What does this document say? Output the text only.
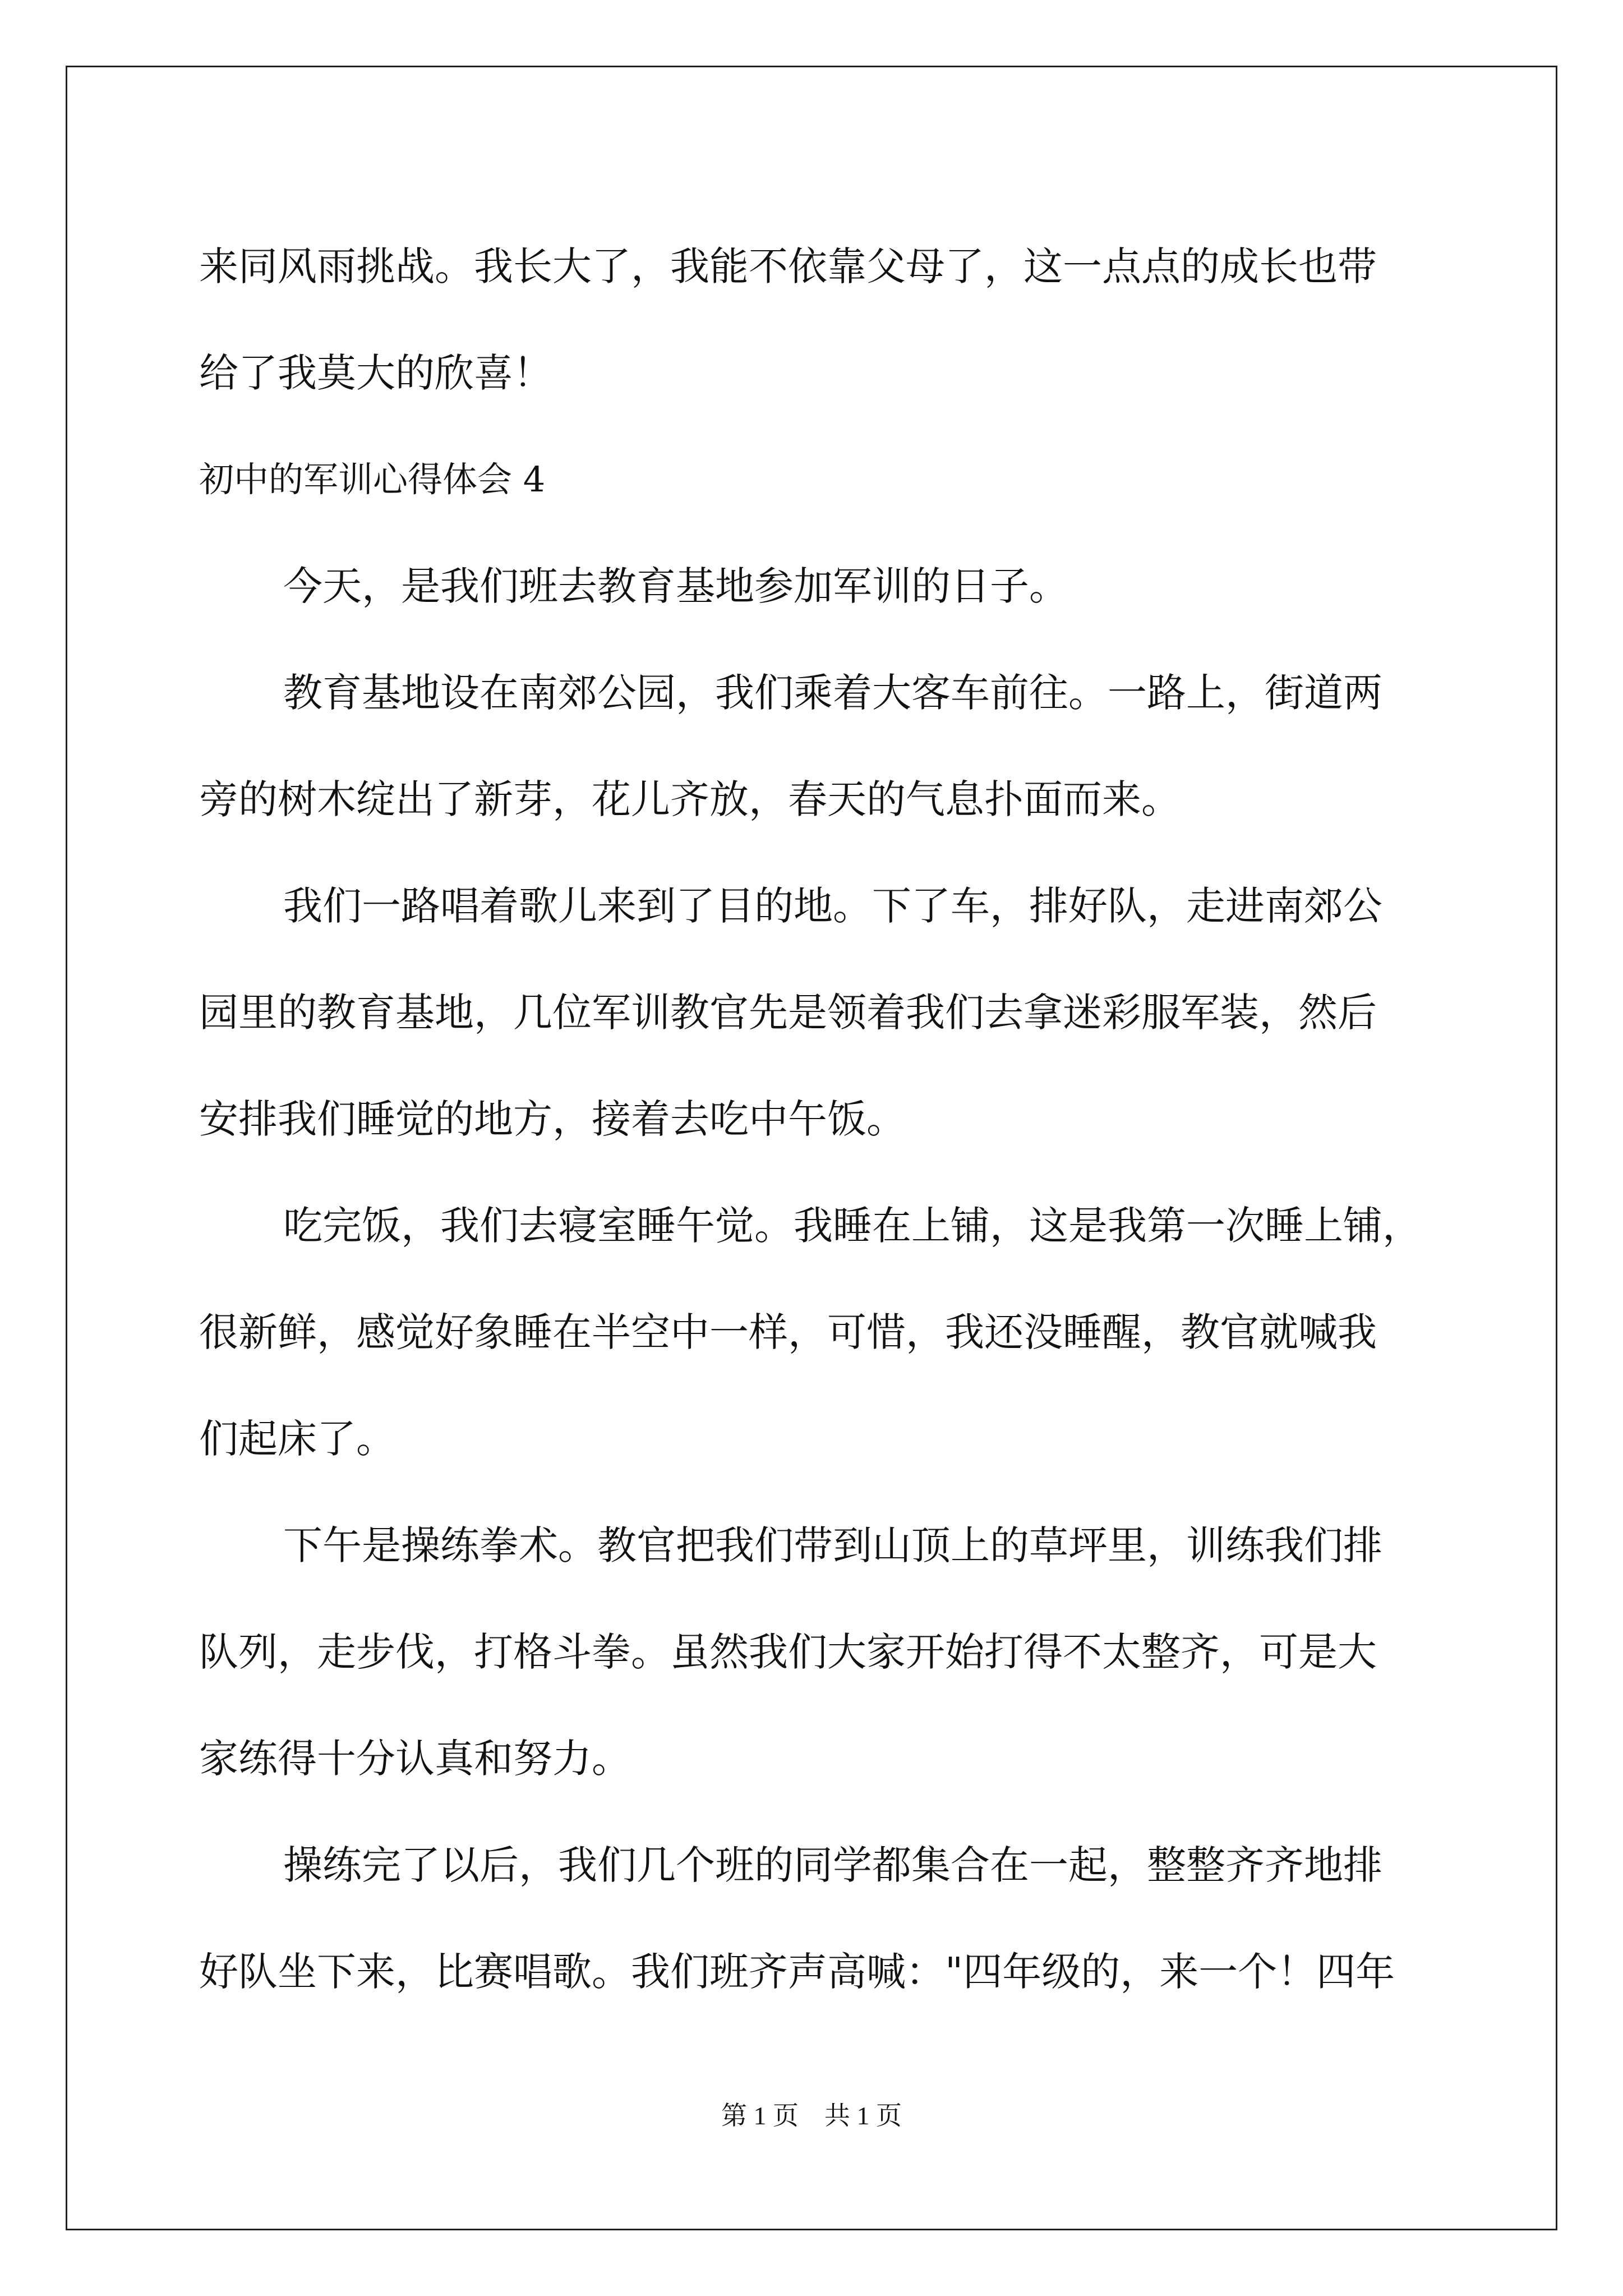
来同风雨挑战。我长大了，我能不依靠父母了，这一点点的成长也带
给了我莫大的欣喜！
初中的军训心得体会 4
今天，是我们班去教育基地参加军训的日子。
教育基地设在南郊公园，我们乘着大客车前往。一路上，街道两
旁的树木绽出了新芽，花儿齐放，春天的气息扑面而来。
我们一路唱着歌儿来到了目的地。下了车，排好队，走进南郊公
园里的教育基地，几位军训教官先是领着我们去拿迷彩服军装，然后
安排我们睡觉的地方，接着去吃中午饭。
吃完饭，我们去寝室睡午觉。我睡在上铺，这是我第一次睡上铺，
很新鲜，感觉好象睡在半空中一样，可惜，我还没睡醒，教官就喊我
们起床了。
下午是操练拳术。教官把我们带到山顶上的草坪里，训练我们排
队列，走步伐，打格斗拳。虽然我们大家开始打得不太整齐，可是大
家练得十分认真和努力。
操练完了以后，我们几个班的同学都集合在一起，整整齐齐地排
好队坐下来，比赛唱歌。我们班齐声高喊："四年级的，来一个！四年
第 1 页　共 1 页
